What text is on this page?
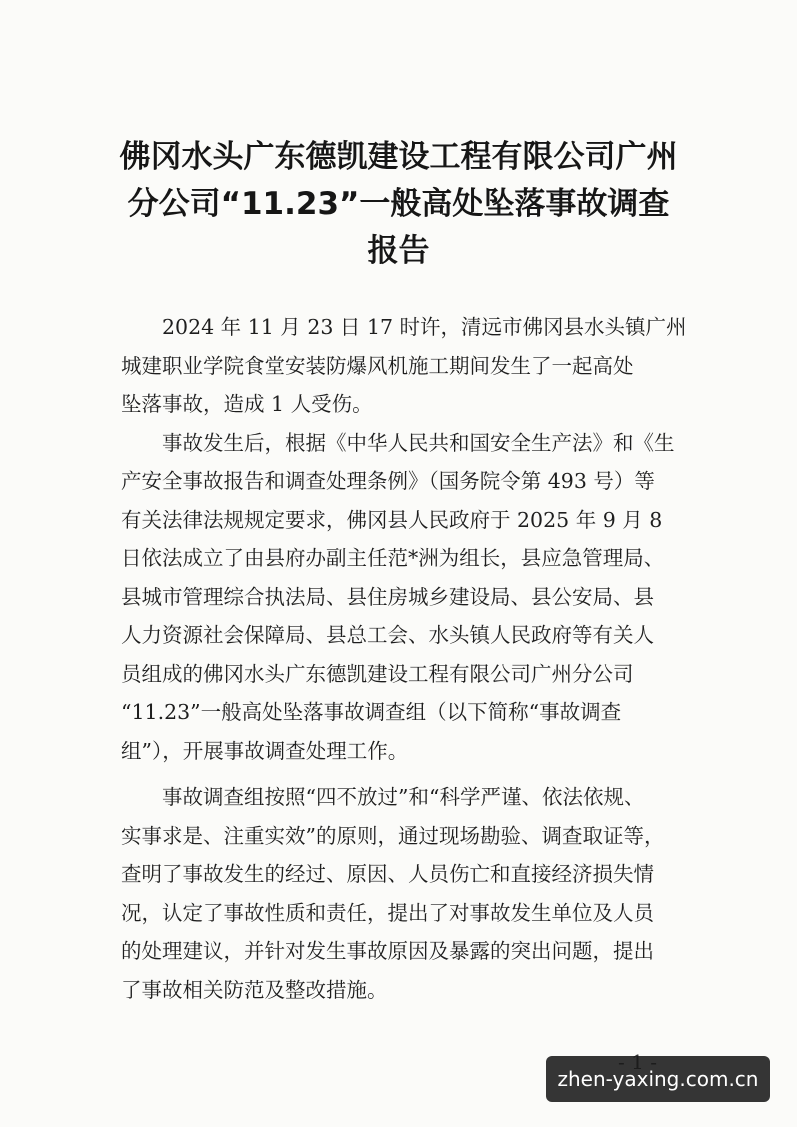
佛冈水头广东德凯建设工程有限公司广州
分公司“11.23”一般高处坠落事故调查
报告

　　2024 年 11 月 23 日 17 时许，清远市佛冈县水头镇广州
城建职业学院食堂安装防爆风机施工期间发生了一起高处
坠落事故，造成 1 人受伤。

　　事故发生后，根据《中华人民共和国安全生产法》和《生
产安全事故报告和调查处理条例》（国务院令第 493 号）等
有关法律法规规定要求，佛冈县人民政府于 2025 年 9 月 8
日依法成立了由县府办副主任范*洲为组长，县应急管理局、
县城市管理综合执法局、县住房城乡建设局、县公安局、县
人力资源社会保障局、县总工会、水头镇人民政府等有关人
员组成的佛冈水头广东德凯建设工程有限公司广州分公司
“11.23”一般高处坠落事故调查组（以下简称“事故调查
组”），开展事故调查处理工作。

　　事故调查组按照“四不放过”和“科学严谨、依法依规、
实事求是、注重实效”的原则，通过现场勘验、调查取证等，
查明了事故发生的经过、原因、人员伤亡和直接经济损失情
况，认定了事故性质和责任，提出了对事故发生单位及人员
的处理建议，并针对发生事故原因及暴露的突出问题，提出
了事故相关防范及整改措施。

zhen-yaxing.com.cn
